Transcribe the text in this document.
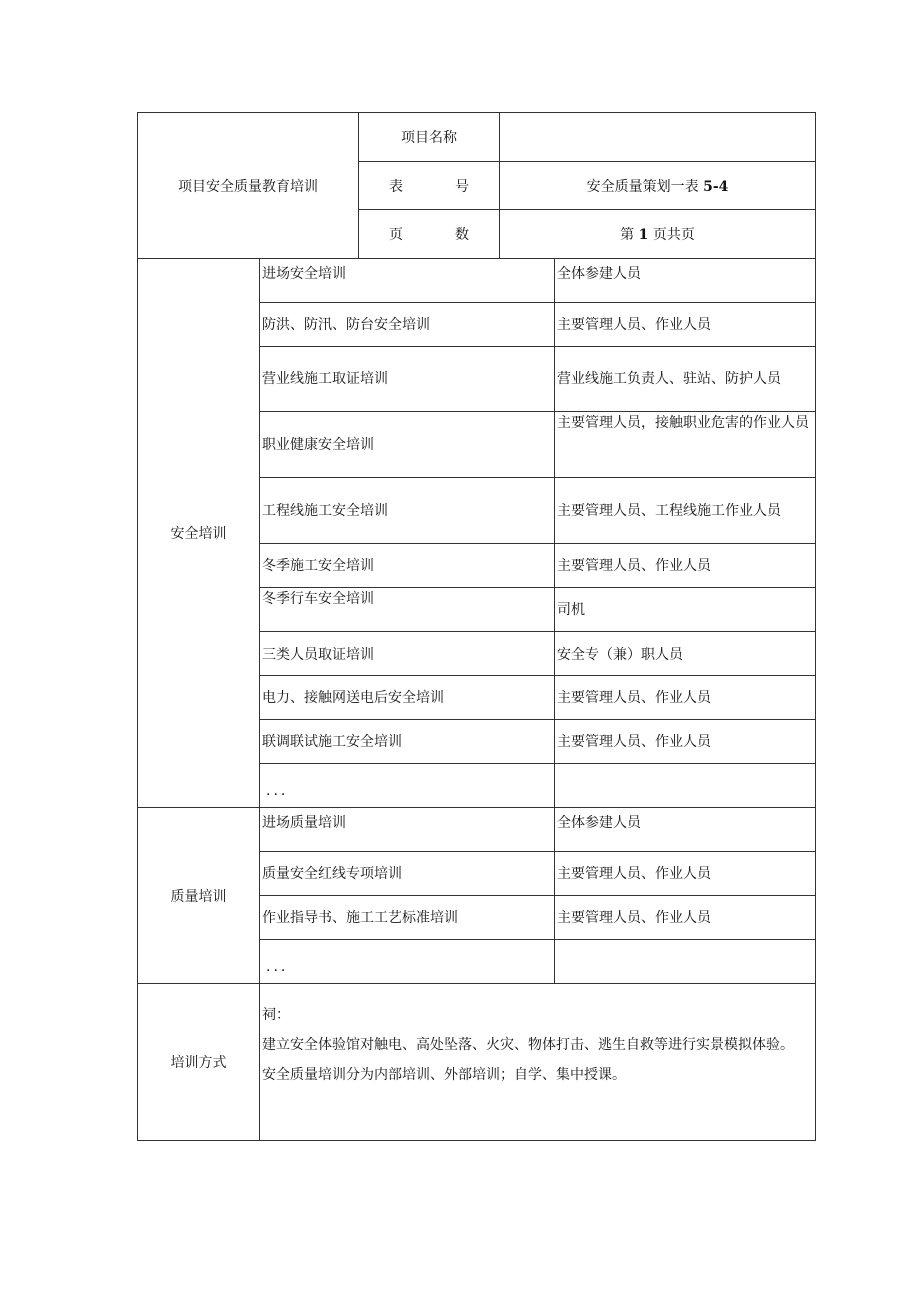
项目安全质量教育培训	项目名称	
	表 号	安全质量策划一表 5-4
	页 数	第 1 页共页
安全培训	进场安全培训	全体参建人员
	防洪、防汛、防台安全培训	主要管理人员、作业人员
	营业线施工取证培训	营业线施工负责人、驻站、防护人员
	职业健康安全培训	主要管理人员，接触职业危害的作业人员
	工程线施工安全培训	主要管理人员、工程线施工作业人员
	冬季施工安全培训	主要管理人员、作业人员
	冬季行车安全培训	司机
	三类人员取证培训	安全专（兼）职人员
	电力、接触网送电后安全培训	主要管理人员、作业人员
	联调联试施工安全培训	主要管理人员、作业人员
	...	
质量培训	进场质量培训	全体参建人员
	质量安全红线专项培训	主要管理人员、作业人员
	作业指导书、施工工艺标准培训	主要管理人员、作业人员
	...	
培训方式	祠：
建立安全体验馆对触电、高处坠落、火灾、物体打击、逃生自救等进行实景模拟体验。
安全质量培训分为内部培训、外部培训；自学、集中授课。	
